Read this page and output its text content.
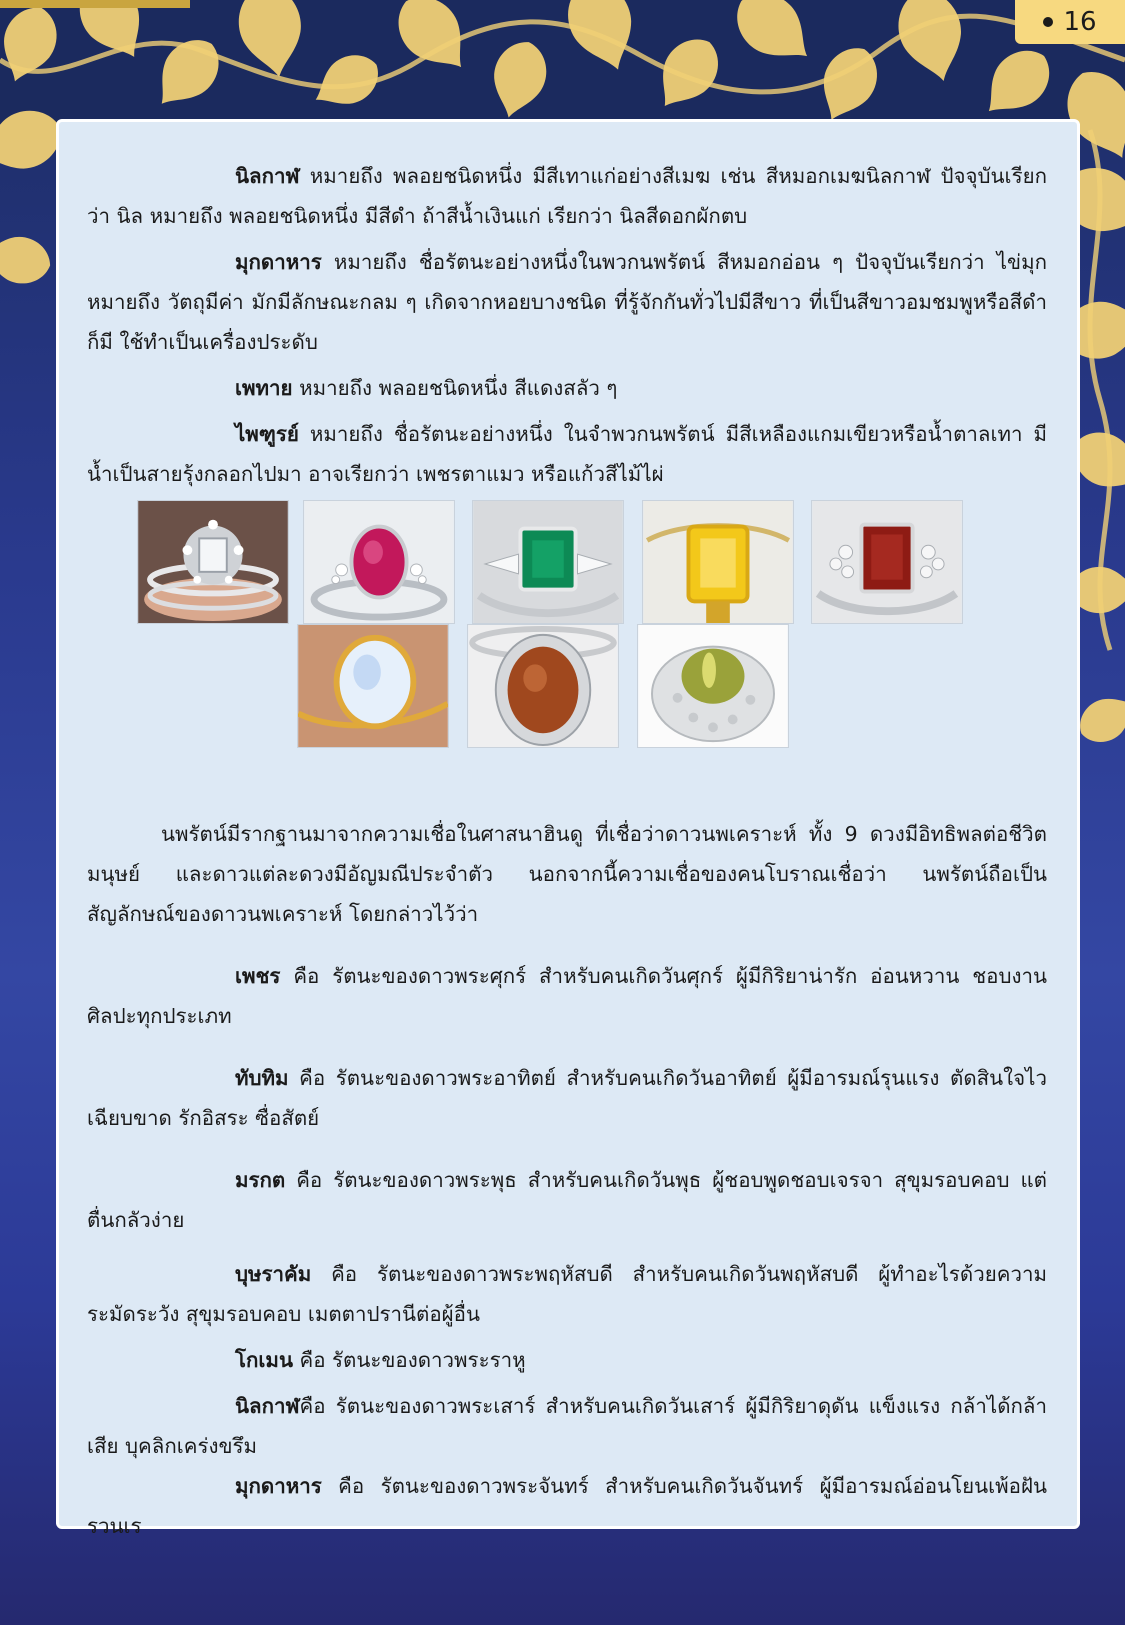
16

นิลกาฬ หมายถึง พลอยชนิดหนึ่ง มีสีเทาแก่อย่างสีเมฆ เช่น สีหมอกเมฆนิลกาฬ ปัจจุบันเรียกว่า นิล หมายถึง พลอยชนิดหนึ่ง มีสีดำ ถ้าสีน้ำเงินแก่ เรียกว่า นิลสีดอกผักตบ

มุกดาหาร หมายถึง ชื่อรัตนะอย่างหนึ่งในพวกนพรัตน์ สีหมอกอ่อน ๆ ปัจจุบันเรียกว่า ไข่มุก หมายถึง วัตถุมีค่า มักมีลักษณะกลม ๆ เกิดจากหอยบางชนิด ที่รู้จักกันทั่วไปมีสีขาว ที่เป็นสีขาวอมชมพูหรือสีดำก็มี ใช้ทำเป็นเครื่องประดับ

เพทาย หมายถึง พลอยชนิดหนึ่ง สีแดงสลัว ๆ

ไพฑูรย์ หมายถึง ชื่อรัตนะอย่างหนึ่ง ในจำพวกนพรัตน์ มีสีเหลืองแกมเขียวหรือน้ำตาลเทา มีน้ำเป็นสายรุ้งกลอกไปมา อาจเรียกว่า เพชรตาแมว หรือแก้วสีไม้ไผ่

นพรัตน์มีรากฐานมาจากความเชื่อในศาสนาฮินดู ที่เชื่อว่าดาวนพเคราะห์ ทั้ง 9 ดวงมีอิทธิพลต่อชีวิตมนุษย์ และดาวแต่ละดวงมีอัญมณีประจำตัว นอกจากนี้ความเชื่อของคนโบราณเชื่อว่า นพรัตน์ถือเป็นสัญลักษณ์ของดาวนพเคราะห์ โดยกล่าวไว้ว่า

เพชร คือ รัตนะของดาวพระศุกร์ สำหรับคนเกิดวันศุกร์ ผู้มีกิริยาน่ารัก อ่อนหวาน ชอบงานศิลปะทุกประเภท

ทับทิม คือ รัตนะของดาวพระอาทิตย์ สำหรับคนเกิดวันอาทิตย์ ผู้มีอารมณ์รุนแรง ตัดสินใจไวเฉียบขาด รักอิสระ ซื่อสัตย์

มรกต คือ รัตนะของดาวพระพุธ สำหรับคนเกิดวันพุธ ผู้ชอบพูดชอบเจรจา สุขุมรอบคอบ แต่ตื่นกลัวง่าย

บุษราคัม คือ รัตนะของดาวพระพฤหัสบดี สำหรับคนเกิดวันพฤหัสบดี ผู้ทำอะไรด้วยความระมัดระวัง สุขุมรอบคอบ เมตตาปรานีต่อผู้อื่น

โกเมน คือ รัตนะของดาวพระราหู

นิลกาฬคือ รัตนะของดาวพระเสาร์ สำหรับคนเกิดวันเสาร์ ผู้มีกิริยาดุดัน แข็งแรง กล้าได้กล้าเสีย บุคลิกเคร่งขรึม

มุกดาหาร คือ รัตนะของดาวพระจันทร์ สำหรับคนเกิดวันจันทร์ ผู้มีอารมณ์อ่อนโยนเพ้อฝัน รวนเร
